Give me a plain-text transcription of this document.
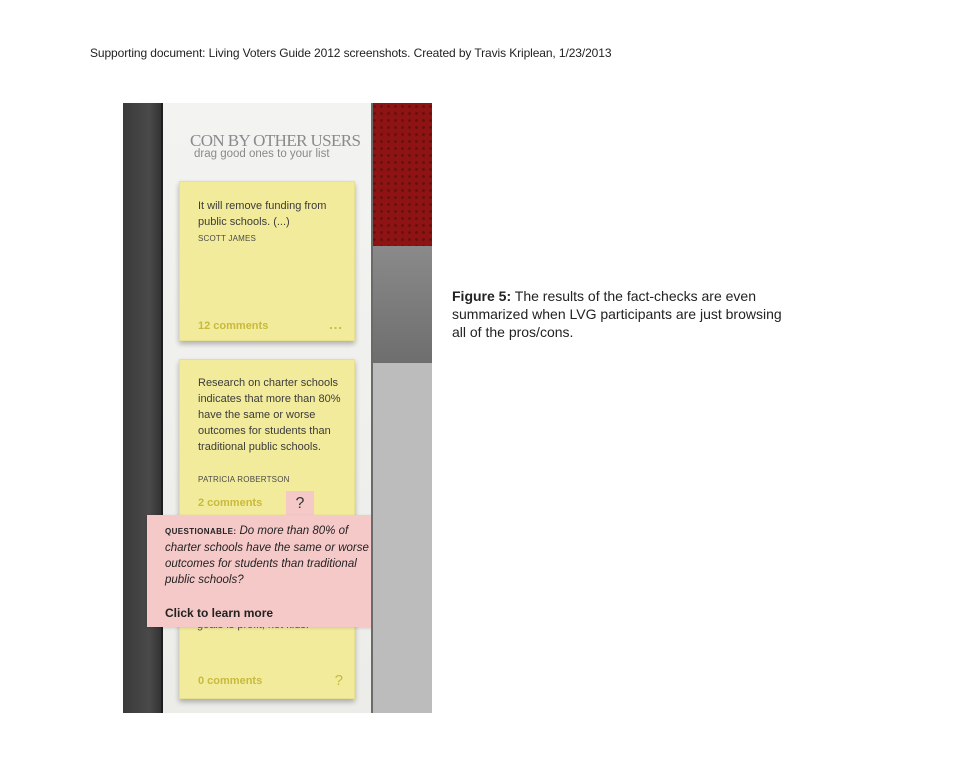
Supporting document: Living Voters Guide 2012 screenshots. Created by Travis Kriplean, 1/23/2013
CON BY OTHER USERS
drag good ones to your list
It will remove funding from public schools. (...)
SCOTT JAMES
12 comments	...
Research on charter schools indicates that more than 80% have the same or worse outcomes for students than traditional public schools.
PATRICIA ROBERTSON
2 comments
0 comments	?
?
QUESTIONABLE: Do more than 80% of charter schools have the same or worse outcomes for students than traditional public schools?
Click to learn more
Figure 5: The results of the fact-checks are even summarized when LVG participants are just browsing all of the pros/cons.
